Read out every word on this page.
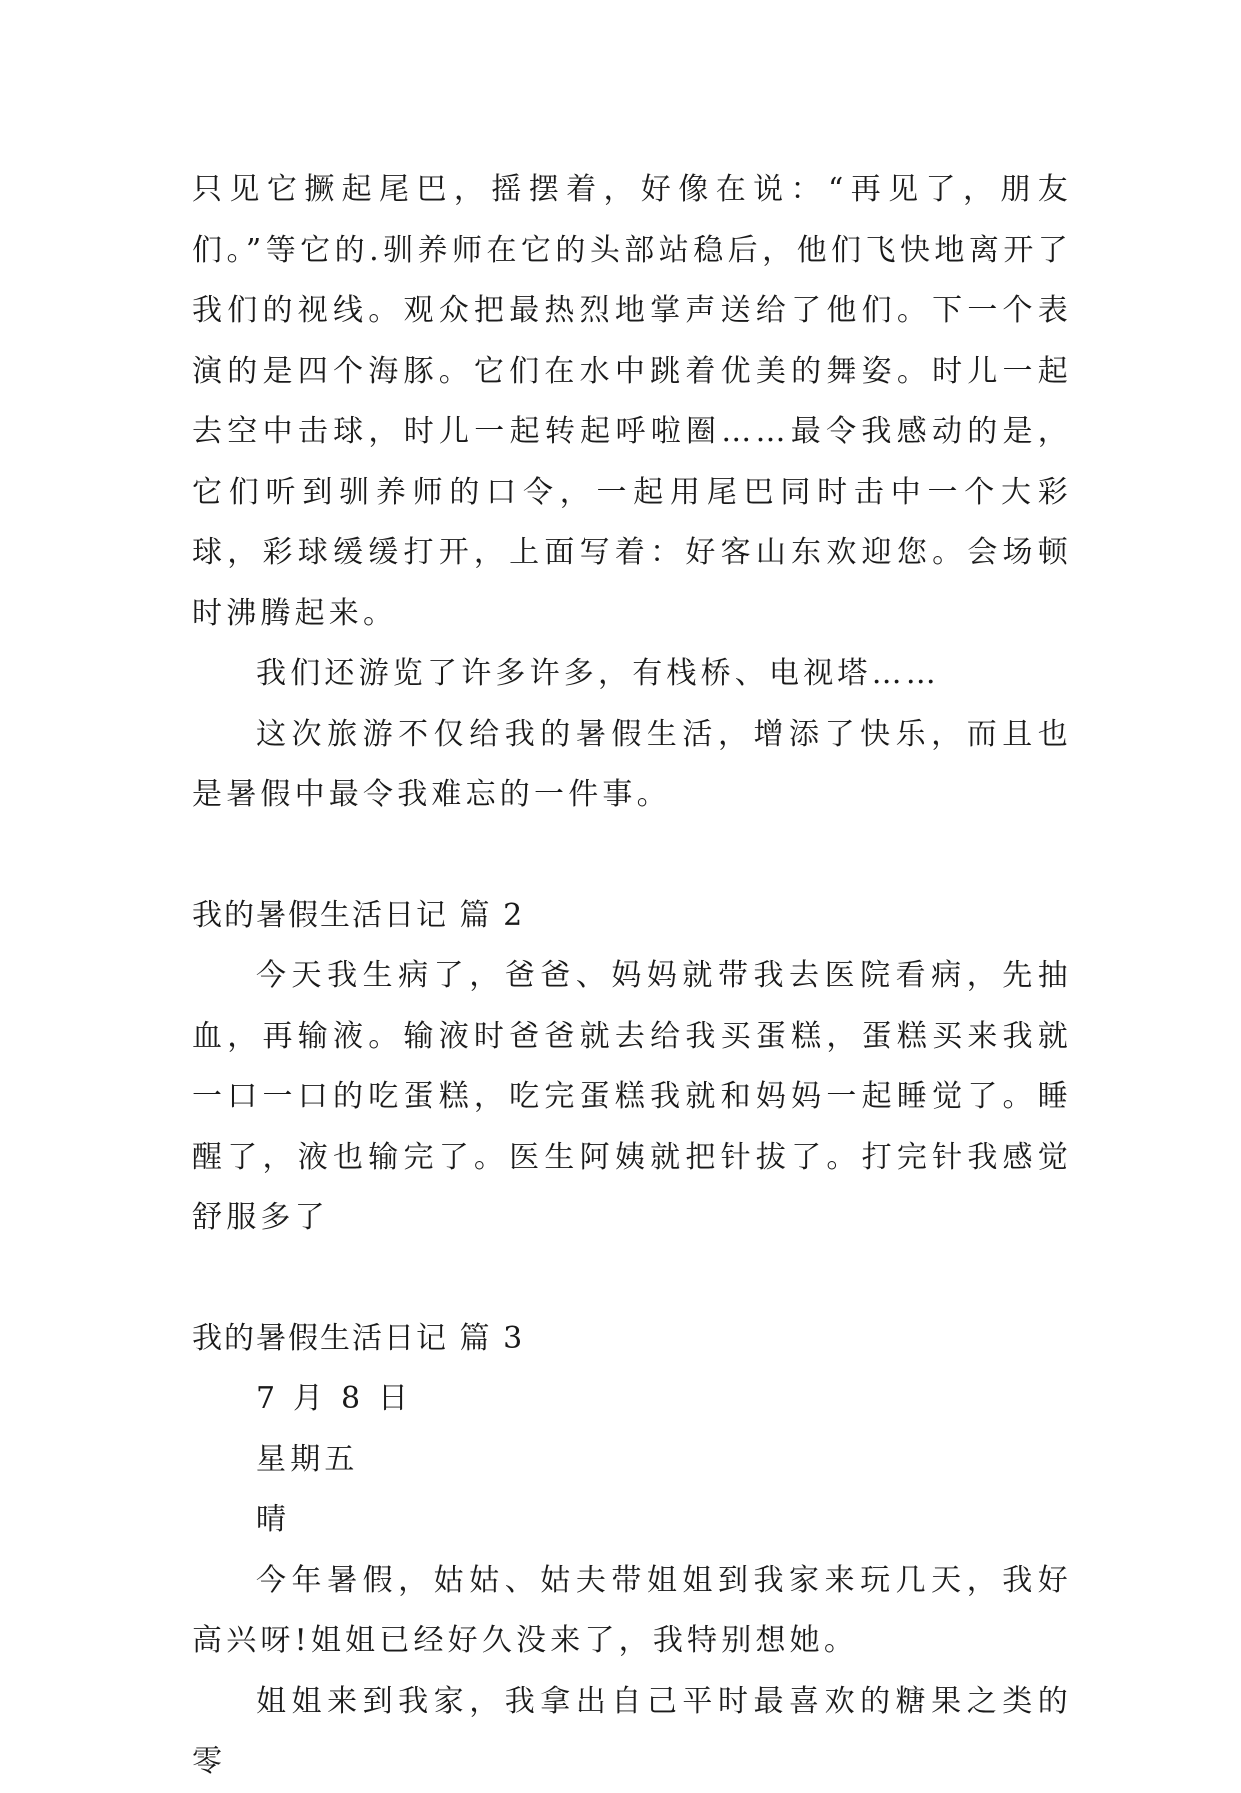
只见它撅起尾巴，摇摆着，好像在说：“再见了，朋友们。”等它的.驯养师在它的头部站稳后，他们飞快地离开了我们的视线。观众把最热烈地掌声送给了他们。下一个表演的是四个海豚。它们在水中跳着优美的舞姿。时儿一起去空中击球，时儿一起转起呼啦圈……最令我感动的是，它们听到驯养师的口令，一起用尾巴同时击中一个大彩球，彩球缓缓打开，上面写着：好客山东欢迎您。会场顿时沸腾起来。

我们还游览了许多许多，有栈桥、电视塔……

这次旅游不仅给我的暑假生活，增添了快乐，而且也是暑假中最令我难忘的一件事。

我的暑假生活日记 篇 2

今天我生病了，爸爸、妈妈就带我去医院看病，先抽血，再输液。输液时爸爸就去给我买蛋糕，蛋糕买来我就一口一口的吃蛋糕，吃完蛋糕我就和妈妈一起睡觉了。睡醒了，液也输完了。医生阿姨就把针拔了。打完针我感觉舒服多了

我的暑假生活日记 篇 3

7 月 8 日

星期五

晴

今年暑假，姑姑、姑夫带姐姐到我家来玩几天，我好高兴呀!姐姐已经好久没来了，我特别想她。

姐姐来到我家，我拿出自己平时最喜欢的糖果之类的零
